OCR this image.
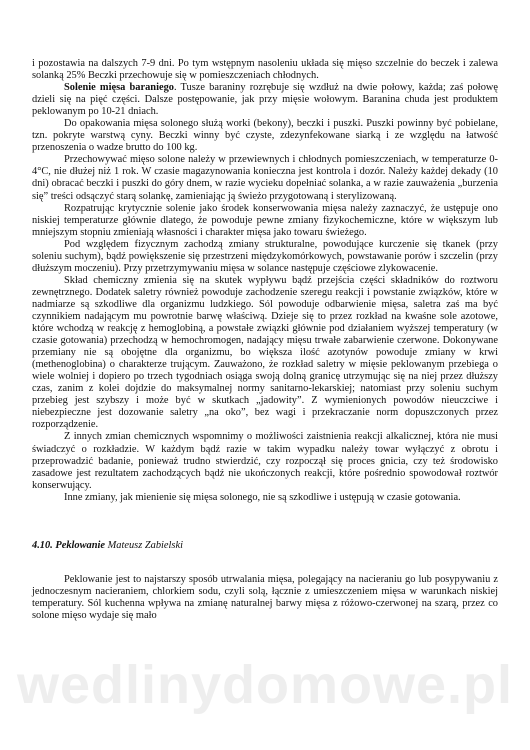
i pozostawia na dalszych 7-9 dni. Po tym wstępnym nasoleniu układa się mięso szczelnie do beczek i zalewa solanką 25% Beczki przechowuje się w pomieszczeniach chłodnych.

Solenie mięsa baraniego. Tusze baraniny rozrębuje się wzdłuż na dwie połowy, każda; zaś połowę dzieli się na pięć części. Dalsze postępowanie, jak przy mięsie wołowym. Baranina chuda jest produktem peklowanym po 10-21 dniach.

Do opakowania mięsa solonego służą worki (bekony), beczki i puszki. Puszki powinny być pobielane, tzn. pokryte warstwą cyny. Beczki winny być czyste, zdezynfekowane siarką i ze względu na łatwość przenoszenia o wadze brutto do 100 kg.

Przechowywać mięso solone należy w przewiewnych i chłodnych pomieszczeniach, w temperaturze 0-4°C, nie dłużej niż 1 rok. W czasie magazynowania konieczna jest kontrola i dozór. Należy każdej dekady (10 dni) obracać beczki i puszki do góry dnem, w razie wycieku dopełniać solanka, a w razie zauważenia „burzenia się” treści odsączyć starą solankę, zamieniając ją świeżo przygotowaną i sterylizowaną.

Rozpatrując krytycznie solenie jako środek konserwowania mięsa należy zaznaczyć, że ustępuje ono niskiej temperaturze głównie dlatego, że powoduje pewne zmiany fizykochemiczne, które w większym lub mniejszym stopniu zmieniają własności i charakter mięsa jako towaru świeżego.

Pod względem fizycznym zachodzą zmiany strukturalne, powodujące kurczenie się tkanek (przy soleniu suchym), bądź powiększenie się przestrzeni międzykomórkowych, powstawanie porów i szczelin (przy dłuższym moczeniu). Przy przetrzymywaniu mięsa w solance następuje częściowe zlykowacenie.

Skład chemiczny zmienia się na skutek wypływu bądź przejścia części składników do roztworu zewnętrznego. Dodatek saletry również powoduje zachodzenie szeregu reakcji i powstanie związków, które w nadmiarze są szkodliwe dla organizmu ludzkiego. Sól powoduje odbarwienie mięsa, saletra zaś ma być czynnikiem nadającym mu powrotnie barwę właściwą. Dzieje się to przez rozkład na kwaśne sole azotowe, które wchodzą w reakcję z hemoglobiną, a powstałe związki głównie pod działaniem wyższej temperatury (w czasie gotowania) przechodzą w hemochromogen, nadający mięsu trwałe zabarwienie czerwone. Dokonywane przemiany nie są obojętne dla organizmu, bo większa ilość azotynów powoduje zmiany w krwi (methenoglobina) o charakterze trującym. Zauważono, że rozkład saletry w mięsie peklowanym przebiega o wiele wolniej i dopiero po trzech tygodniach osiąga swoją dolną granicę utrzymując się na niej przez dłuższy czas, zanim z kolei dojdzie do maksymalnej normy sanitarno-lekarskiej; natomiast przy soleniu suchym przebieg jest szybszy i może być w skutkach „jadowity”. Z wymienionych powodów nieuczciwe i niebezpieczne jest dozowanie saletry „na oko”, bez wagi i przekraczanie norm dopuszczonych przez rozporządzenie.

Z innych zmian chemicznych wspomnimy o możliwości zaistnienia reakcji alkalicznej, która nie musi świadczyć o rozkładzie. W każdym bądź razie w takim wypadku należy towar wyłączyć z obrotu i przeprowadzić badanie, ponieważ trudno stwierdzić, czy rozpoczął się proces gnicia, czy też środowisko zasadowe jest rezultatem zachodzących bądź nie ukończonych reakcji, które pośrednio spowodował roztwór konserwujący.

Inne zmiany, jak mienienie się mięsa solonego, nie są szkodliwe i ustępują w czasie gotowania.

4.10. Peklowanie Mateusz Zabielski

Peklowanie jest to najstarszy sposób utrwalania mięsa, polegający na nacieraniu go lub posypywaniu z jednoczesnym nacieraniem, chlorkiem sodu, czyli solą, łącznie z umieszczeniem mięsa w warunkach niskiej temperatury. Sól kuchenna wpływa na zmianę naturalnej barwy mięsa z różowo-czerwonej na szarą, przez co solone mięso wydaje się mało

wedlinydomowe.pl
